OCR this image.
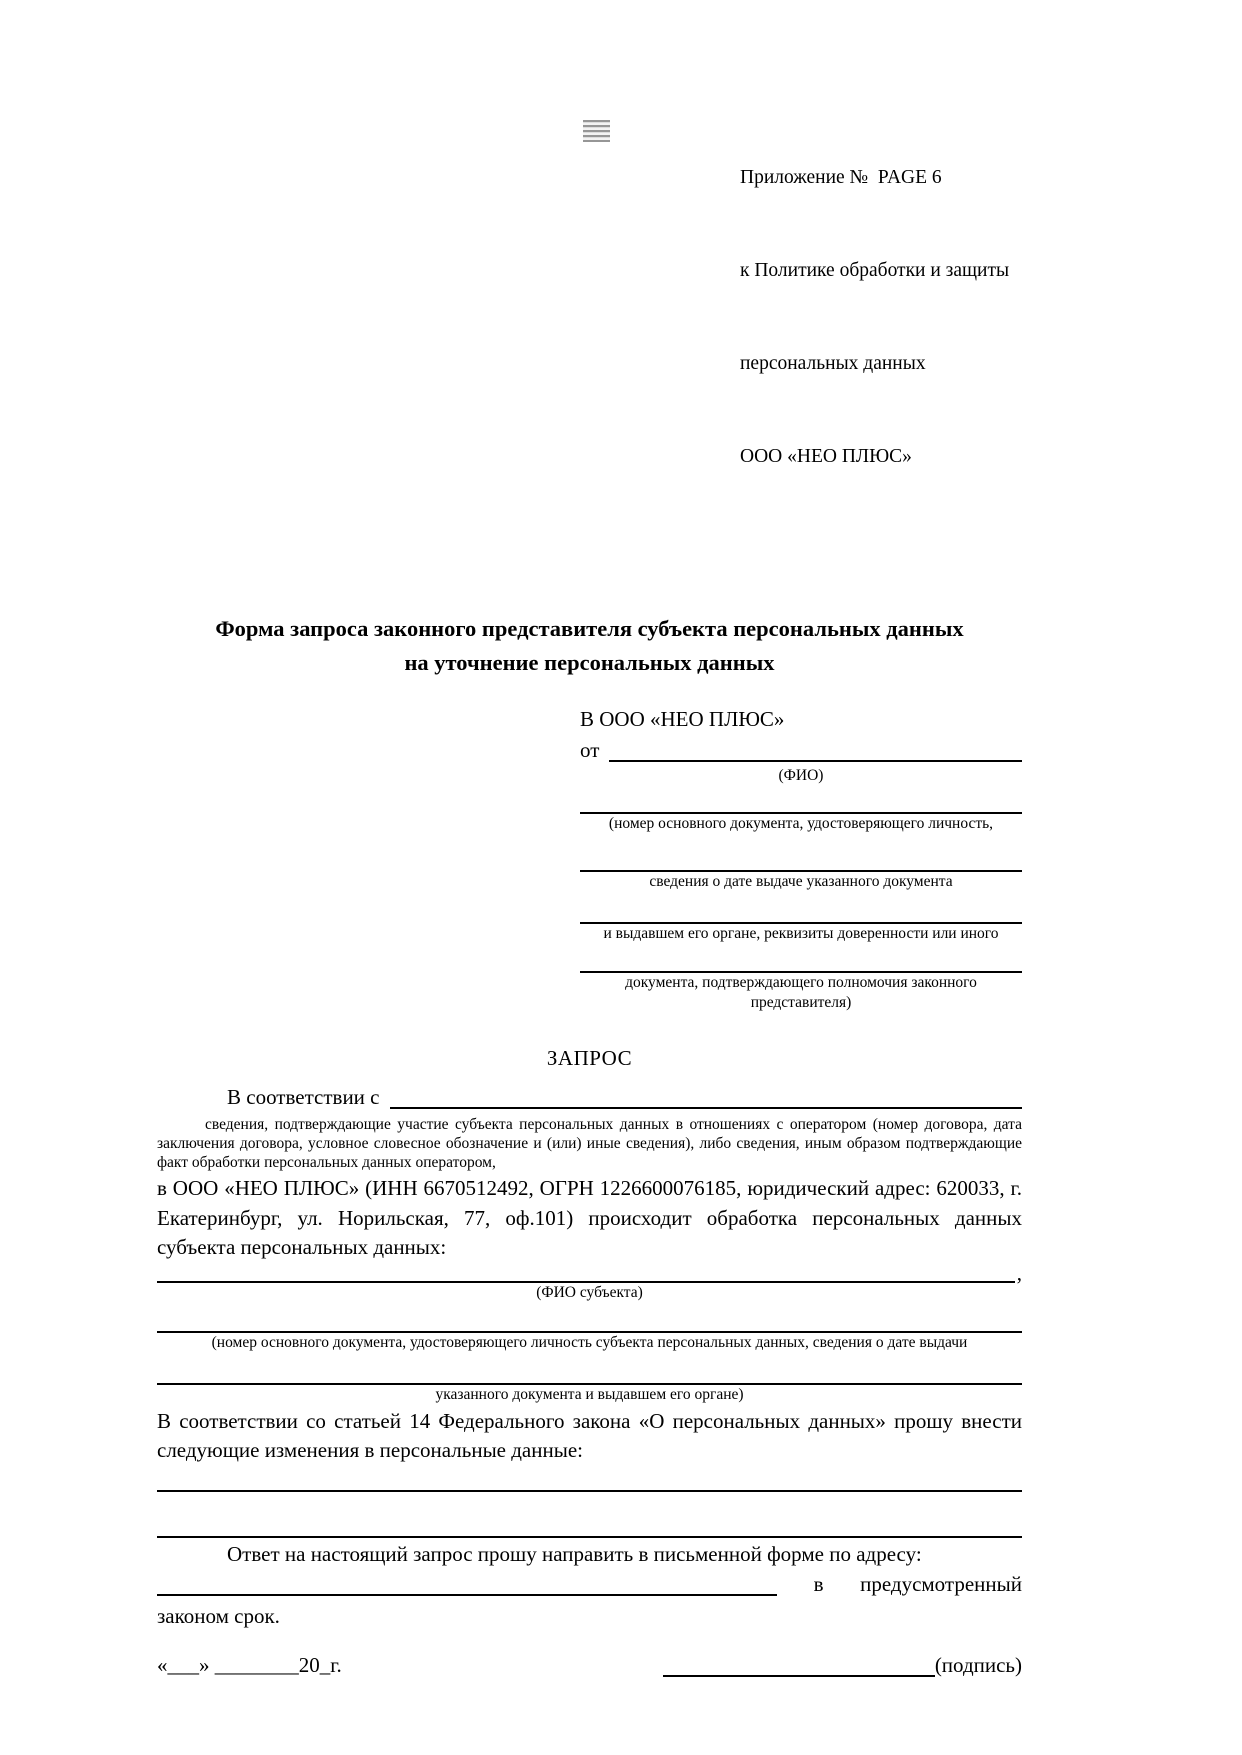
Приложение №  PAGE 6

к Политике обработки и защиты

персональных данных

ООО «НЕО ПЛЮС»

Форма запроса законного представителя субъекта персональных данных
на уточнение персональных данных
В ООО «НЕО ПЛЮС»
от
(ФИО)
(номер основного документа, удостоверяющего личность,
сведения о дате выдаче указанного документа
и выдавшем его органе, реквизиты доверенности или иного
документа, подтверждающего полномочия законного представителя)
ЗАПРОС
В соответствии с
сведения, подтверждающие участие субъекта персональных данных в отношениях с оператором (номер договора, дата заключения договора, условное словесное обозначение и (или) иные сведения), либо сведения, иным образом подтверждающие факт обработки персональных данных оператором,
в ООО «НЕО ПЛЮС» (ИНН 6670512492, ОГРН 1226600076185, юридический адрес: 620033, г. Екатеринбург, ул. Норильская, 77, оф.101) происходит обработка персональных данных субъекта персональных данных:
,
(ФИО субъекта)
(номер основного документа, удостоверяющего личность субъекта персональных данных, сведения о дате выдачи
указанного документа и выдавшем его органе)
В соответствии со статьей 14 Федерального закона «О персональных данных» прошу внести следующие изменения в персональные данные:
Ответ на настоящий запрос прошу направить в письменной форме по адресу:
в предусмотренный
законом срок.
«___» ________20_г.	(подпись)
